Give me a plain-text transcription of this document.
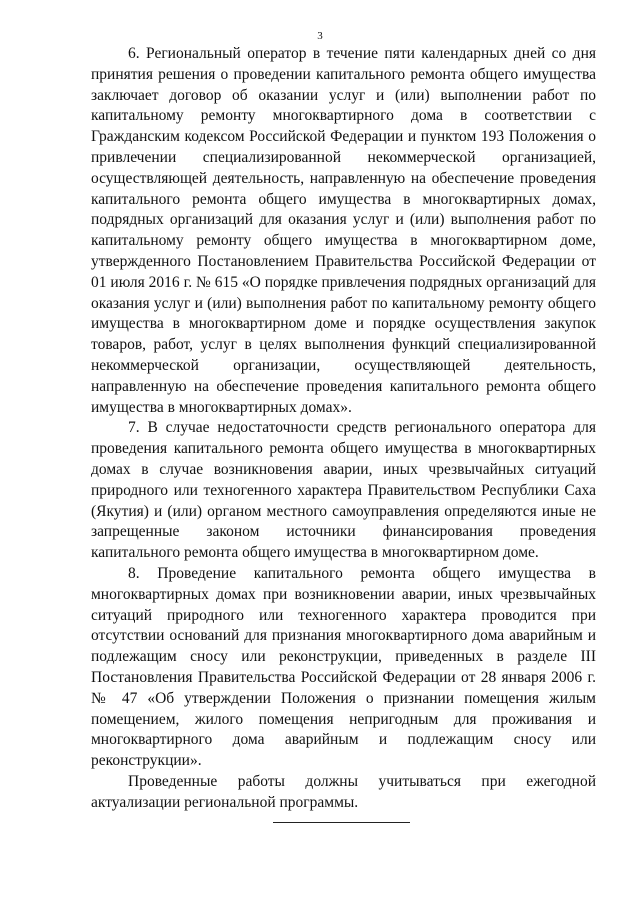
3

6. Региональный оператор в течение пяти календарных дней со дня принятия решения о проведении капитального ремонта общего имущества заключает договор об оказании услуг и (или) выполнении работ по капитальному ремонту многоквартирного дома в соответствии с Гражданским кодексом Российской Федерации и пунктом 193 Положения о привлечении специализированной некоммерческой организацией, осуществляющей деятельность, направленную на обеспечение проведения капитального ремонта общего имущества в многоквартирных домах, подрядных организаций для оказания услуг и (или) выполнения работ по капитальному ремонту общего имущества в многоквартирном доме, утвержденного Постановлением Правительства Российской Федерации от 01 июля 2016 г. № 615 «О порядке привлечения подрядных организаций для оказания услуг и (или) выполнения работ по капитальному ремонту общего имущества в многоквартирном доме и порядке осуществления закупок товаров, работ, услуг в целях выполнения функций специализированной некоммерческой организации, осуществляющей деятельность, направленную на обеспечение проведения капитального ремонта общего имущества в многоквартирных домах».

7. В случае недостаточности средств регионального оператора для проведения капитального ремонта общего имущества в многоквартирных домах в случае возникновения аварии, иных чрезвычайных ситуаций природного или техногенного характера Правительством Республики Саха (Якутия) и (или) органом местного самоуправления определяются иные не запрещенные законом источники финансирования проведения капитального ремонта общего имущества в многоквартирном доме.

8. Проведение капитального ремонта общего имущества в многоквартирных домах при возникновении аварии, иных чрезвычайных ситуаций природного или техногенного характера проводится при отсутствии оснований для признания многоквартирного дома аварийным и подлежащим сносу или реконструкции, приведенных в разделе III Постановления Правительства Российской Федерации от 28 января 2006 г. № 47 «Об утверждении Положения о признании помещения жилым помещением, жилого помещения непригодным для проживания и многоквартирного дома аварийным и подлежащим сносу или реконструкции».

Проведенные работы должны учитываться при ежегодной актуализации региональной программы.
